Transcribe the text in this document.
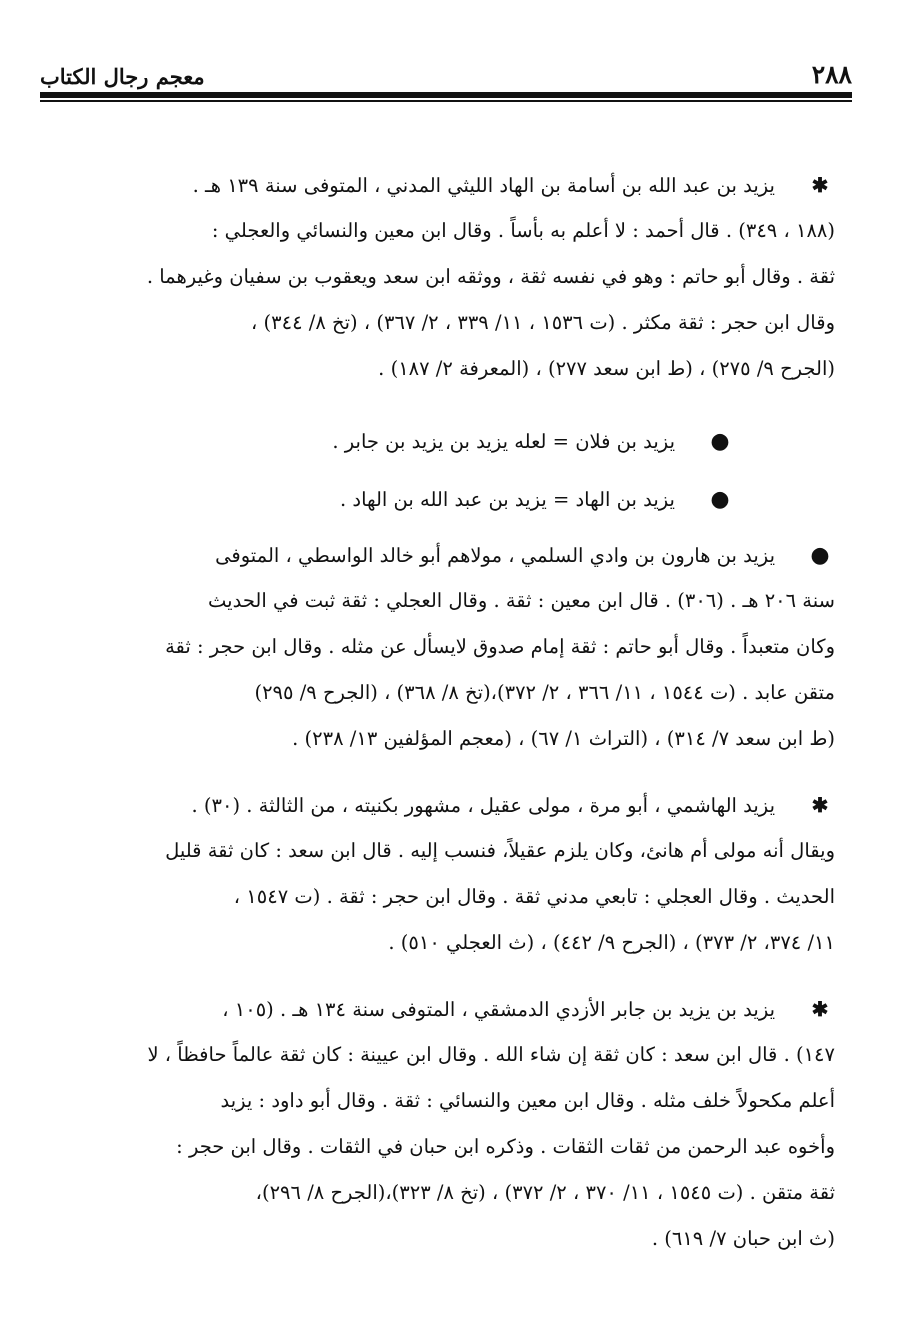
٢٨٨
معجم رجال الكتاب
✱يزيد بن عبد الله بن أسامة بن الهاد الليثي المدني ، المتوفى سنة ١٣٩ هـ .
(١٨٨ ، ٣٤٩) . قال أحمد : لا أعلم به بأساً . وقال ابن معين والنسائي والعجلي :
ثقة . وقال أبو حاتم : وهو في نفسه ثقة ، ووثقه ابن سعد ويعقوب بن سفيان وغيرهما .
وقال ابن حجر : ثقة مكثر . (ت ١٥٣٦ ، ١١/ ٣٣٩ ، ٢/ ٣٦٧) ، (تخ ٨/ ٣٤٤) ،
(الجرح ٩/ ٢٧٥) ، (ط ابن سعد ٢٧٧) ، (المعرفة ٢/ ١٨٧) .
●يزيد بن فلان = لعله يزيد بن يزيد بن جابر .
●يزيد بن الهاد = يزيد بن عبد الله بن الهاد .
●يزيد بن هارون بن وادي السلمي ، مولاهم أبو خالد الواسطي ، المتوفى
سنة ٢٠٦ هـ . (٣٠٦) . قال ابن معين : ثقة . وقال العجلي : ثقة ثبت في الحديث
وكان متعبداً . وقال أبو حاتم : ثقة إمام صدوق لايسأل عن مثله . وقال ابن حجر : ثقة
متقن عابد . (ت ١٥٤٤ ، ١١/ ٣٦٦ ، ٢/ ٣٧٢)،(تخ ٨/ ٣٦٨) ، (الجرح ٩/ ٢٩٥)
(ط ابن سعد ٧/ ٣١٤) ، (التراث ١/ ٦٧) ، (معجم المؤلفين ١٣/ ٢٣٨) .
✱يزيد الهاشمي ، أبو مرة ، مولى عقيل ، مشهور بكنيته ، من الثالثة . (٣٠) .
ويقال أنه مولى أم هانئ، وكان يلزم عقيلاً، فنسب إليه . قال ابن سعد : كان ثقة قليل
الحديث . وقال العجلي : تابعي مدني ثقة . وقال ابن حجر : ثقة . (ت ١٥٤٧ ،
١١/ ٣٧٤، ٢/ ٣٧٣) ، (الجرح ٩/ ٤٤٢) ، (ث العجلي ٥١٠) .
✱يزيد بن يزيد بن جابر الأزدي الدمشقي ، المتوفى سنة ١٣٤ هـ . (١٠٥ ،
١٤٧) . قال ابن سعد : كان ثقة إن شاء الله . وقال ابن عيينة : كان ثقة عالماً حافظاً ، لا
أعلم مكحولاً خلف مثله . وقال ابن معين والنسائي : ثقة . وقال أبو داود : يزيد
وأخوه عبد الرحمن من ثقات الثقات . وذكره ابن حبان في الثقات . وقال ابن حجر :
ثقة متقن . (ت ١٥٤٥ ، ١١/ ٣٧٠ ، ٢/ ٣٧٢) ، (تخ ٨/ ٣٢٣)،(الجرح ٨/ ٢٩٦)،
(ث ابن حبان ٧/ ٦١٩) .
